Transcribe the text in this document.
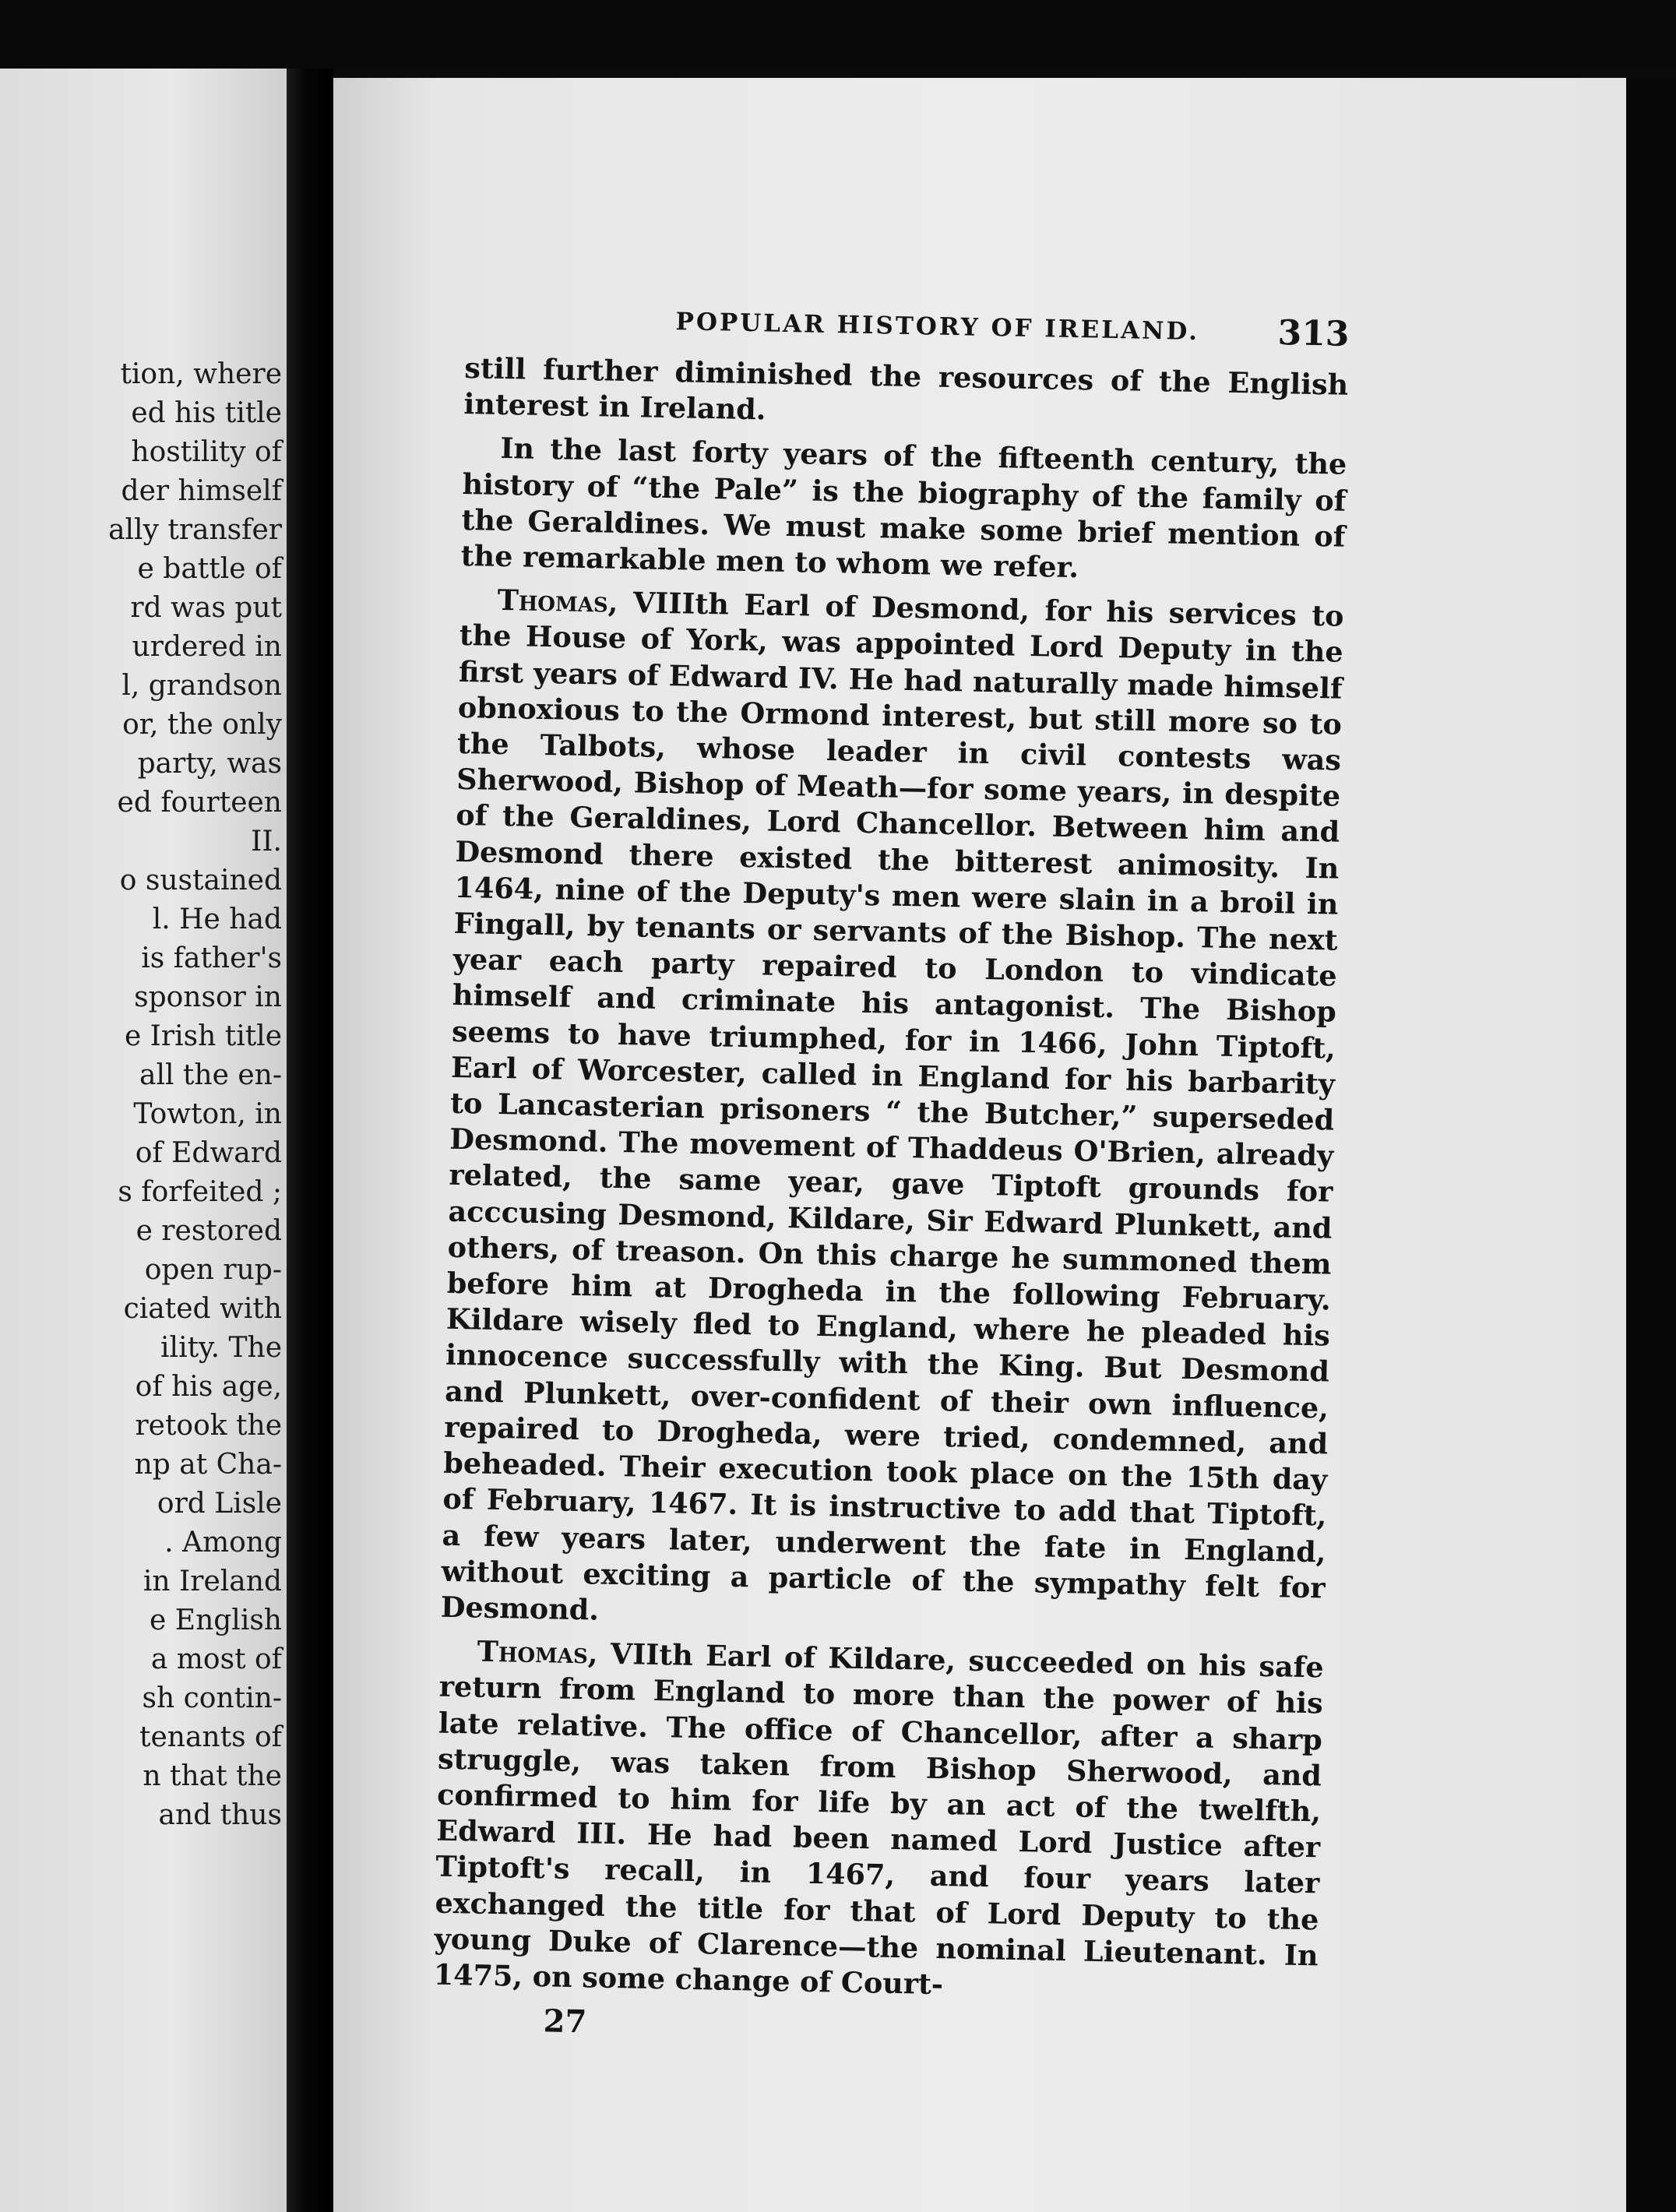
tion, where
ed his title
hostility of
der himself
ally transfer
e battle of
rd was put
urdered in
l, grandson
or, the only
party, was
ed fourteen
II.
o sustained
l. He had
is father's
sponsor in
e Irish title
all the en-
Towton, in
of Edward
s forfeited ;
e restored
open rup-
ciated with
ility. The
of his age,
retook the
np at Cha-
ord Lisle
. Among
in Ireland
e English
a most of
sh contin-
tenants of
n that the
and thus
POPULAR HISTORY OF IRELAND. 313

still further diminished the resources of the English interest in Ireland.

In the last forty years of the fifteenth century, the history of “the Pale” is the biography of the family of the Geraldines. We must make some brief mention of the remarkable men to whom we refer.

Thomas, VIIIth Earl of Desmond, for his services to the House of York, was appointed Lord Deputy in the first years of Edward IV. He had naturally made himself obnoxious to the Ormond interest, but still more so to the Talbots, whose leader in civil contests was Sherwood, Bishop of Meath—for some years, in despite of the Geraldines, Lord Chancellor. Between him and Desmond there existed the bitterest animosity. In 1464, nine of the Deputy's men were slain in a broil in Fingall, by tenants or servants of the Bishop. The next year each party repaired to London to vindicate himself and criminate his antagonist. The Bishop seems to have triumphed, for in 1466, John Tiptoft, Earl of Worcester, called in England for his barbarity to Lancasterian prisoners “ the Butcher,” superseded Desmond. The movement of Thaddeus O'Brien, already related, the same year, gave Tiptoft grounds for acccusing Desmond, Kildare, Sir Edward Plunkett, and others, of treason. On this charge he summoned them before him at Drogheda in the following February. Kildare wisely fled to England, where he pleaded his innocence successfully with the King. But Desmond and Plunkett, over-confident of their own influence, repaired to Drogheda, were tried, condemned, and beheaded. Their execution took place on the 15th day of February, 1467. It is instructive to add that Tiptoft, a few years later, underwent the fate in England, without exciting a particle of the sympathy felt for Desmond.

Thomas, VIIth Earl of Kildare, succeeded on his safe return from England to more than the power of his late relative. The office of Chancellor, after a sharp struggle, was taken from Bishop Sherwood, and confirmed to him for life by an act of the twelfth, Edward III. He had been named Lord Justice after Tiptoft's recall, in 1467, and four years later exchanged the title for that of Lord Deputy to the young Duke of Clarence—the nominal Lieutenant. In 1475, on some change of Court-

27
